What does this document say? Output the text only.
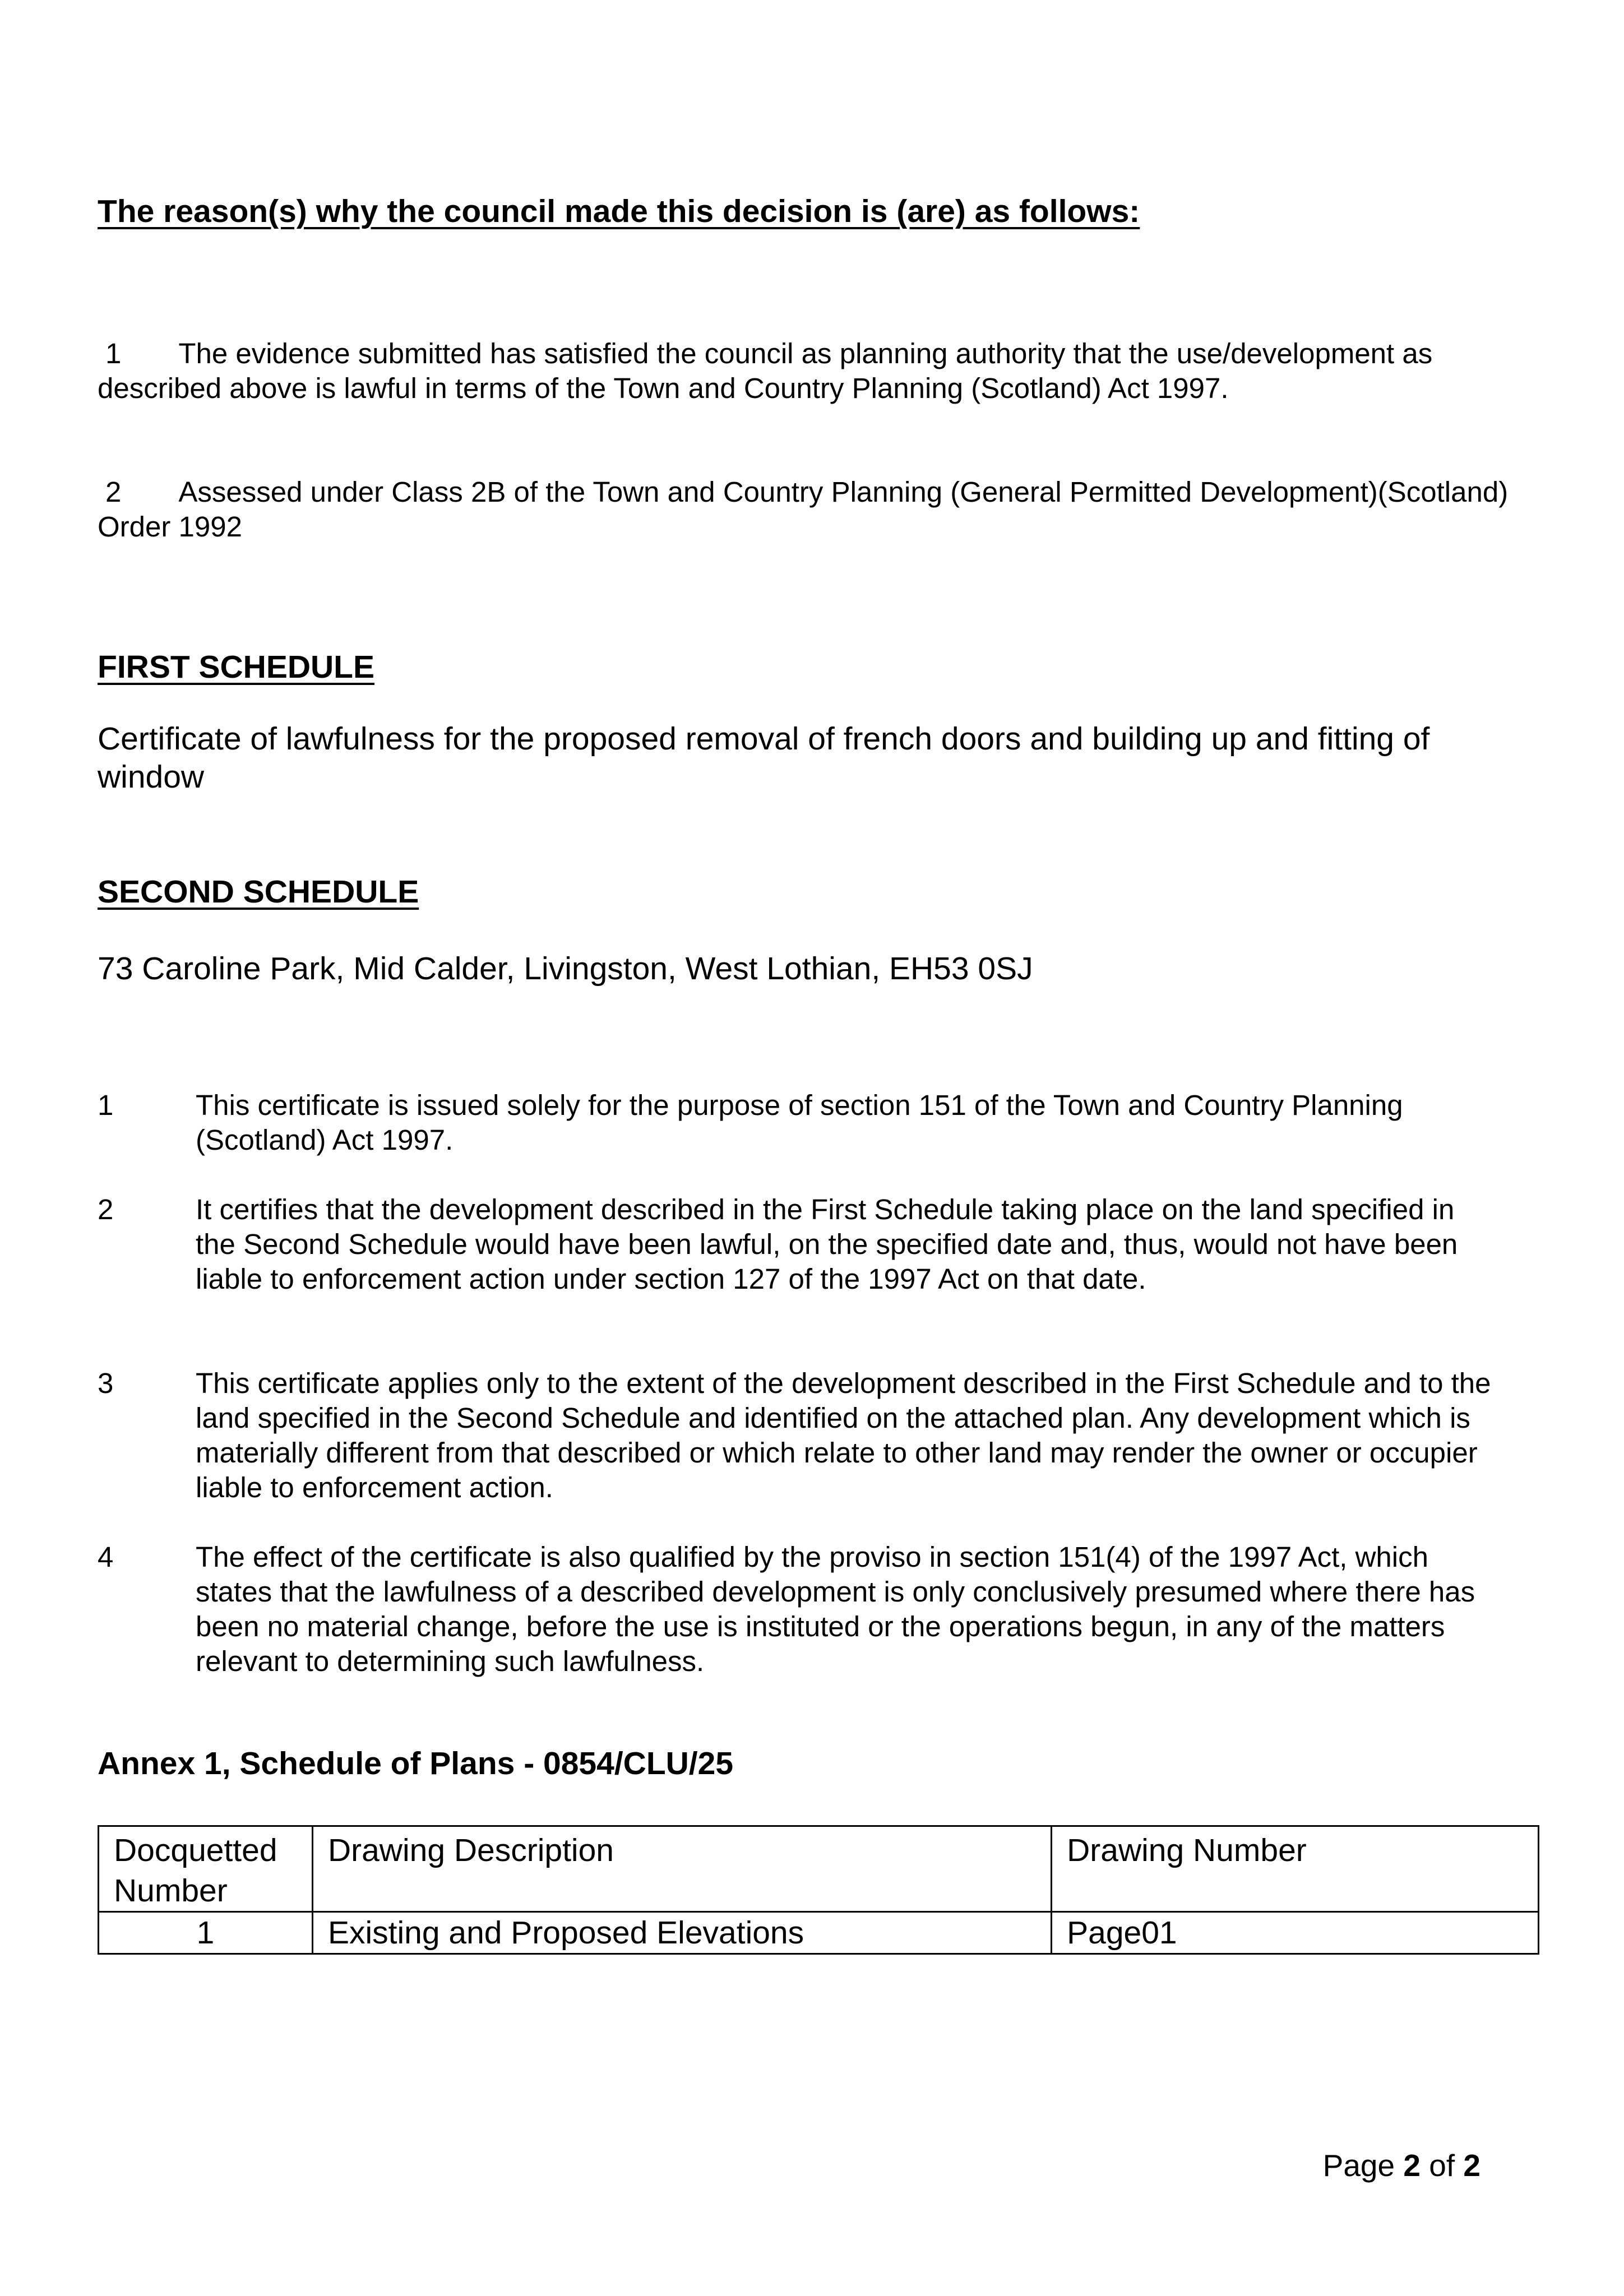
The reason(s) why the council made this decision is (are) as follows:
1 The evidence submitted has satisfied the council as planning authority that the use/development as described above is lawful in terms of the Town and Country Planning (Scotland) Act 1997.
2 Assessed under Class 2B of the Town and Country Planning (General Permitted Development)(Scotland) Order 1992
FIRST SCHEDULE
Certificate of lawfulness for the proposed removal of french doors and building up and fitting of window
SECOND SCHEDULE
73 Caroline Park, Mid Calder, Livingston, West Lothian, EH53 0SJ
1	This certificate is issued solely for the purpose of section 151 of the Town and Country Planning (Scotland) Act 1997.
2	It certifies that the development described in the First Schedule taking place on the land specified in the Second Schedule would have been lawful, on the specified date and, thus, would not have been liable to enforcement action under section 127 of the 1997 Act on that date.
3	This certificate applies only to the extent of the development described in the First Schedule and to the land specified in the Second Schedule and identified on the attached plan. Any development which is materially different from that described or which relate to other land may render the owner or occupier liable to enforcement action.
4	The effect of the certificate is also qualified by the proviso in section 151(4) of the 1997 Act, which states that the lawfulness of a described development is only conclusively presumed where there has been no material change, before the use is instituted or the operations begun, in any of the matters relevant to determining such lawfulness.
Annex 1, Schedule of Plans - 0854/CLU/25
Docquetted Number	Drawing Description	Drawing Number
1	Existing and Proposed Elevations	Page01
Page 2 of 2
